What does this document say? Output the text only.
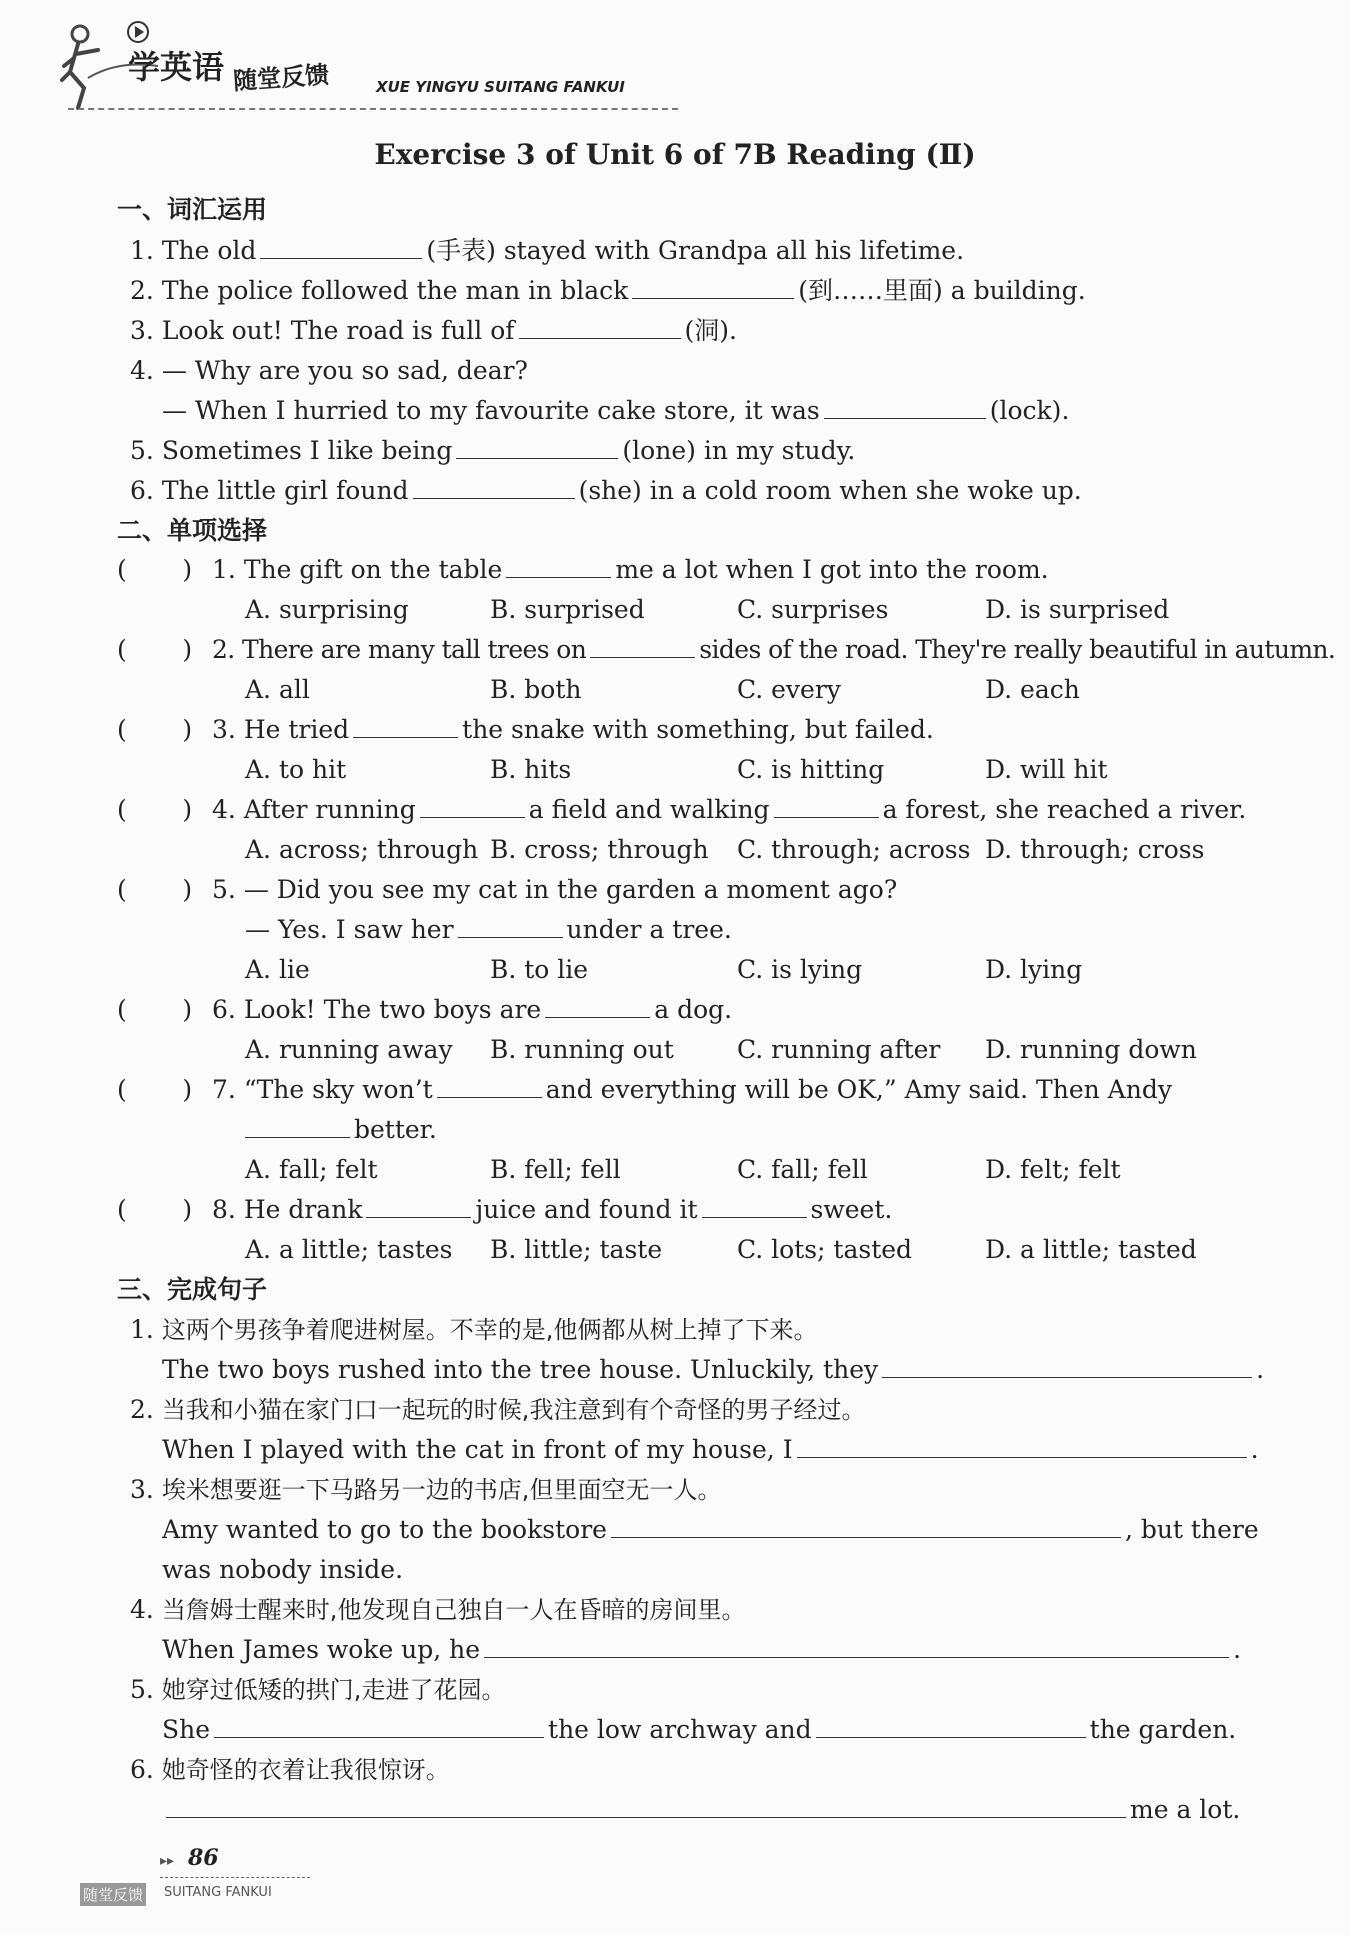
学英语 随堂反馈	XUE YINGYU SUITANG FANKUI
Exercise 3 of Unit 6 of 7B Reading (Ⅱ)
一、词汇运用
1. The old	(手表) stayed with Grandpa all his lifetime.
2. The police followed the man in black	(到……里面) a building.
3. Look out! The road is full of	(洞).
4. — Why are you so sad, dear?
— When I hurried to my favourite cake store, it was	(lock).
5. Sometimes I like being	(lone) in my study.
6. The little girl found	(she) in a cold room when she woke up.
二、单项选择
(       ) 1. The gift on the table	me a lot when I got into the room.
A. surprising	B. surprised	C. surprises	D. is surprised
(       ) 2. There are many tall trees on	sides of the road. They're really beautiful in autumn.
A. all	B. both	C. every	D. each
(       ) 3. He tried	the snake with something, but failed.
A. to hit	B. hits	C. is hitting	D. will hit
(       ) 4. After running	a field and walking	a forest, she reached a river.
A. across; through B. cross; through C. through; across D. through; cross
(       ) 5. — Did you see my cat in the garden a moment ago?
— Yes. I saw her	under a tree.
A. lie	B. to lie	C. is lying	D. lying
(       ) 6. Look! The two boys are	a dog.
A. running away B. running out	C. running after D. running down
(       ) 7. “The sky won’t	and everything will be OK,” Amy said. Then Andy
better.
A. fall; felt	B. fell; fell	C. fall; fell	D. felt; felt
(       ) 8. He drank	juice and found it	sweet.
A. a little; tastes B. little; taste	C. lots; tasted	D. a little; tasted
三、完成句子
1. 这两个男孩争着爬进树屋。不幸的是,他俩都从树上掉了下来。
The two boys rushed into the tree house. Unluckily, they	.
2. 当我和小猫在家门口一起玩的时候,我注意到有个奇怪的男子经过。
When I played with the cat in front of my house, I	.
3. 埃米想要逛一下马路另一边的书店,但里面空无一人。
Amy wanted to go to the bookstore	, but there
was nobody inside.
4. 当詹姆士醒来时,他发现自己独自一人在昏暗的房间里。
When James woke up, he	.
5. 她穿过低矮的拱门,走进了花园。
She	the low archway and	the garden.
6. 她奇怪的衣着让我很惊讶。
me a lot.
▸▸ 86
随堂反馈 SUITANG FANKUI
